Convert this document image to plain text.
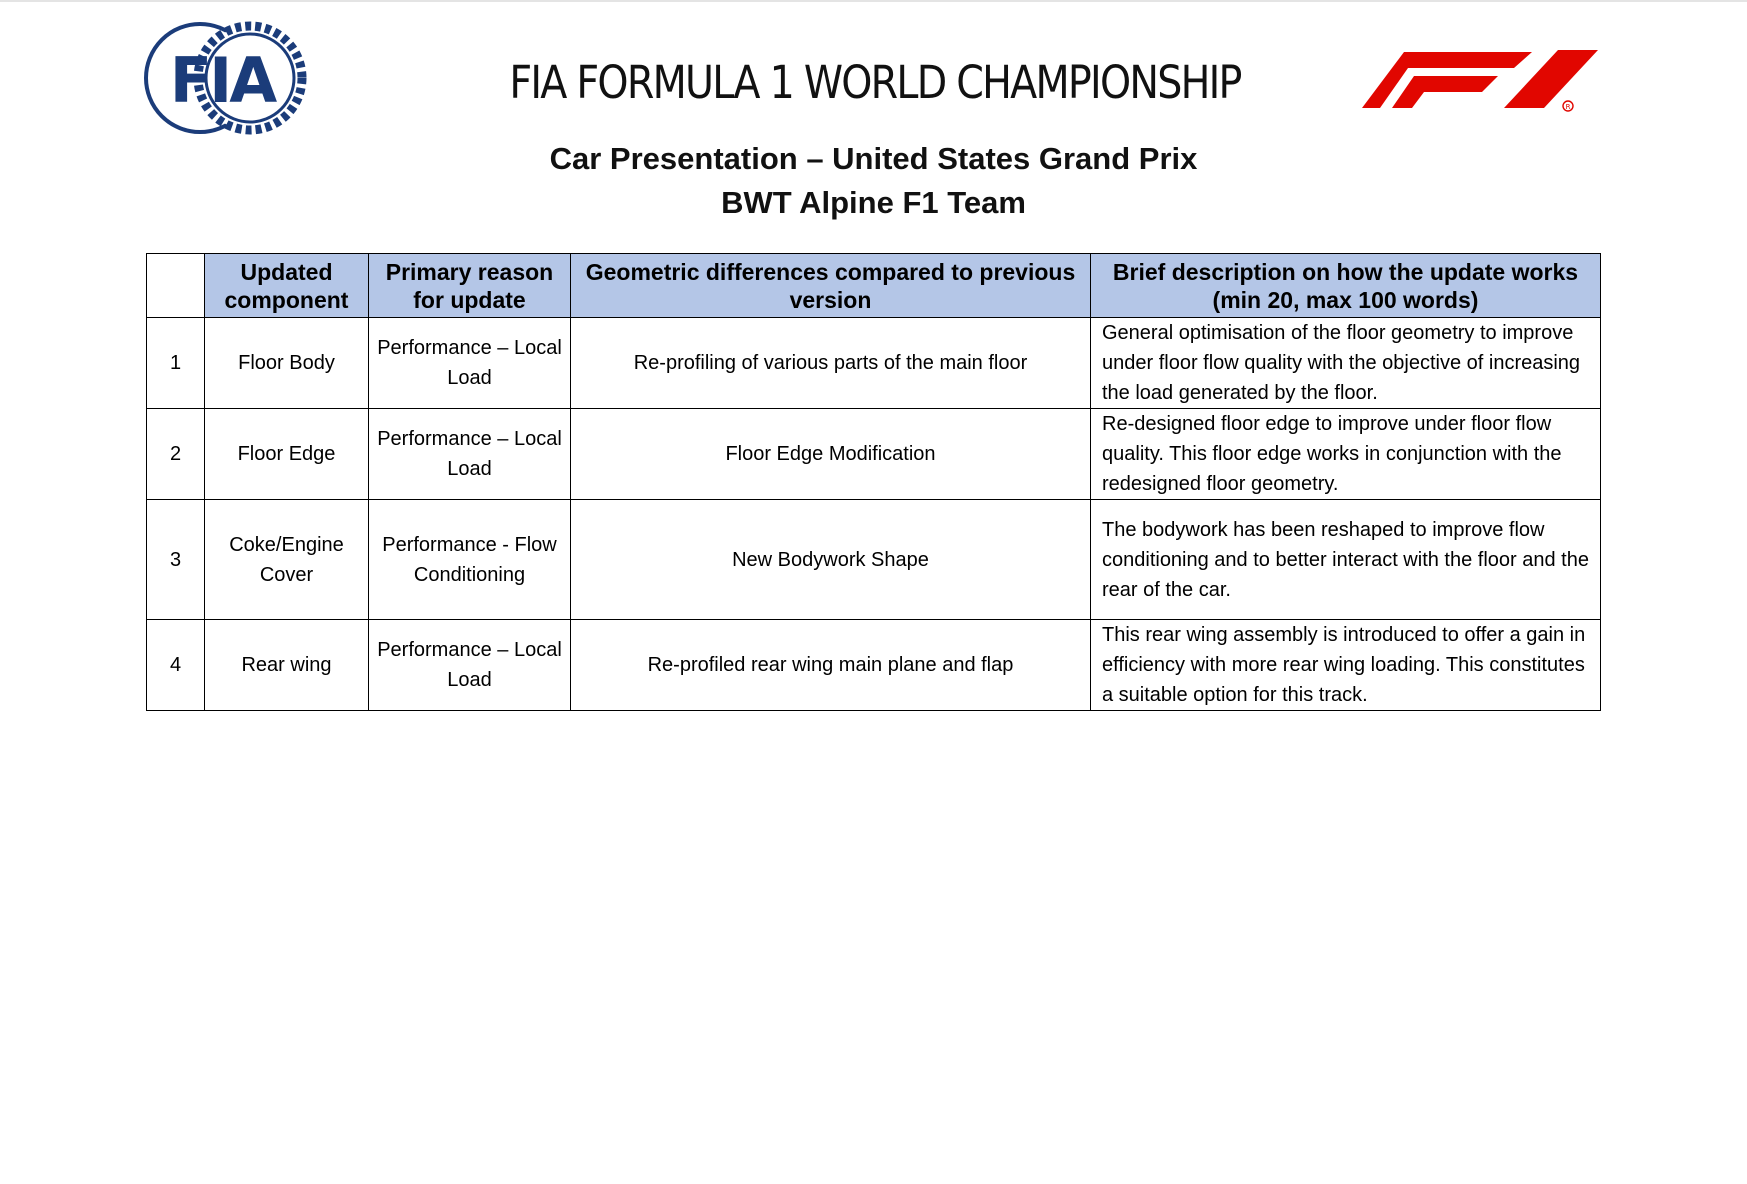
FIA	FIA FORMULA 1 WORLD CHAMPIONSHIP	R
Car Presentation – United States Grand Prix
BWT Alpine F1 Team
	Updated component	Primary reason for update	Geometric differences compared to previous version	Brief description on how the update works (min 20, max 100 words)
1	Floor Body	Performance – Local Load	Re-profiling of various parts of the main floor	General optimisation of the floor geometry to improve under floor flow quality with the objective of increasing the load generated by the floor.
2	Floor Edge	Performance – Local Load	Floor Edge Modification	Re-designed floor edge to improve under floor flow quality. This floor edge works in conjunction with the redesigned floor geometry.
3	Coke/Engine Cover	Performance - Flow Conditioning	New Bodywork Shape	The bodywork has been reshaped to improve flow conditioning and to better interact with the floor and the rear of the car.
4	Rear wing	Performance – Local Load	Re-profiled rear wing main plane and flap	This rear wing assembly is introduced to offer a gain in efficiency with more rear wing loading. This constitutes a suitable option for this track.
